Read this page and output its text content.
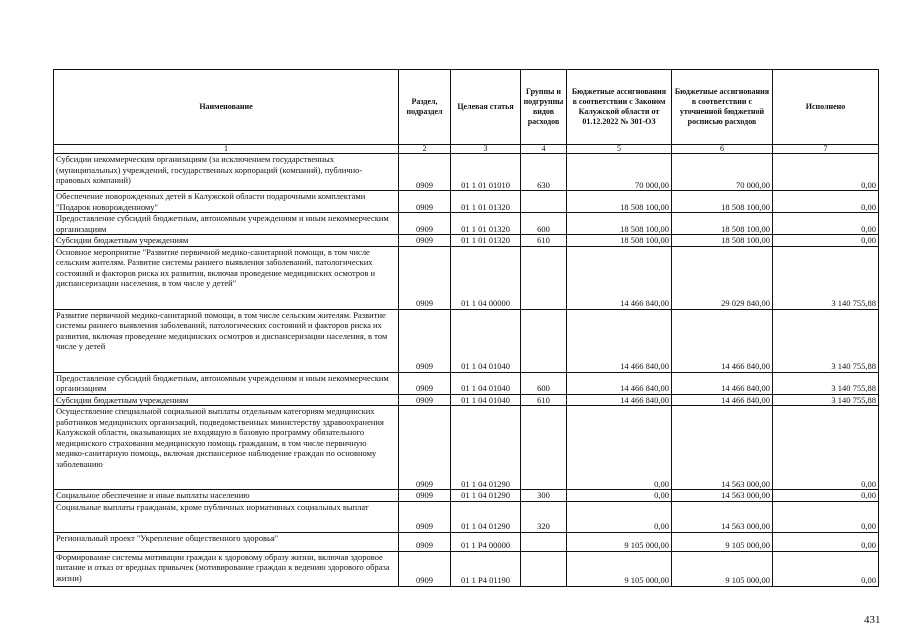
Наименование	Раздел, подраздел	Целевая статья	Группы и подгруппы видов расходов	Бюджетные ассигнования в соответствии с Законом Калужской области от 01.12.2022 № 301-ОЗ	Бюджетные ассигнования в соответствии с уточненной бюджетной росписью расходов	Исполнено
1	2	3	4	5	6	7
Субсидии некоммерческим организациям (за исключением государственных (муниципальных) учреждений, государственных корпораций (компаний), публично-правовых компаний)	0909	01 1 01 01010	630	70 000,00	70 000,00	0,00
Обеспечение новорожденных детей в Калужской области подарочными комплектами "Подарок новорожденному"	0909	01 1 01 01320		18 508 100,00	18 508 100,00	0,00
Предоставление субсидий бюджетным, автономным учреждениям и иным некоммерческим организациям	0909	01 1 01 01320	600	18 508 100,00	18 508 100,00	0,00
Субсидии бюджетным учреждениям	0909	01 1 01 01320	610	18 508 100,00	18 508 100,00	0,00
Основное мероприятие "Развитие первичной медико-санитарной помощи, в том числе сельским жителям. Развитие системы раннего выявления заболеваний, патологических состояний и факторов риска их развития, включая проведение медицинских осмотров и диспансеризации населения, в том числе у детей"	0909	01 1 04 00000		14 466 840,00	29 029 840,00	3 140 755,88
Развитие первичной медико-санитарной помощи, в том числе сельским жителям. Развитие системы раннего выявления заболеваний, патологических состояний и факторов риска их развития, включая проведение медицинских осмотров и диспансеризации населения, в том числе у детей	0909	01 1 04 01040		14 466 840,00	14 466 840,00	3 140 755,88
Предоставление субсидий бюджетным, автономным учреждениям и иным некоммерческим организациям	0909	01 1 04 01040	600	14 466 840,00	14 466 840,00	3 140 755,88
Субсидии бюджетным учреждениям	0909	01 1 04 01040	610	14 466 840,00	14 466 840,00	3 140 755,88
Осуществление специальной социальной выплаты отдельным категориям медицинских работников медицинских организаций, подведомственных министерству здравоохранения Калужской области, оказывающих не входящую в базовую программу обязательного медицинского страхования медицинскую помощь гражданам, в том числе первичную медико-санитарную помощь, включая диспансерное наблюдение граждан по основному заболеванию	0909	01 1 04 01290		0,00	14 563 000,00	0,00
Социальное обеспечение и иные выплаты населению	0909	01 1 04 01290	300	0,00	14 563 000,00	0,00
Социальные выплаты гражданам, кроме публичных нормативных социальных выплат	0909	01 1 04 01290	320	0,00	14 563 000,00	0,00
Региональный проект "Укрепление общественного здоровья"	0909	01 1 P4 00000		9 105 000,00	9 105 000,00	0,00
Формирование системы мотивации граждан к здоровому образу жизни, включая здоровое питание и отказ от вредных привычек (мотивирование граждан к ведению здорового образа жизни)	0909	01 1 P4 01190		9 105 000,00	9 105 000,00	0,00
431
